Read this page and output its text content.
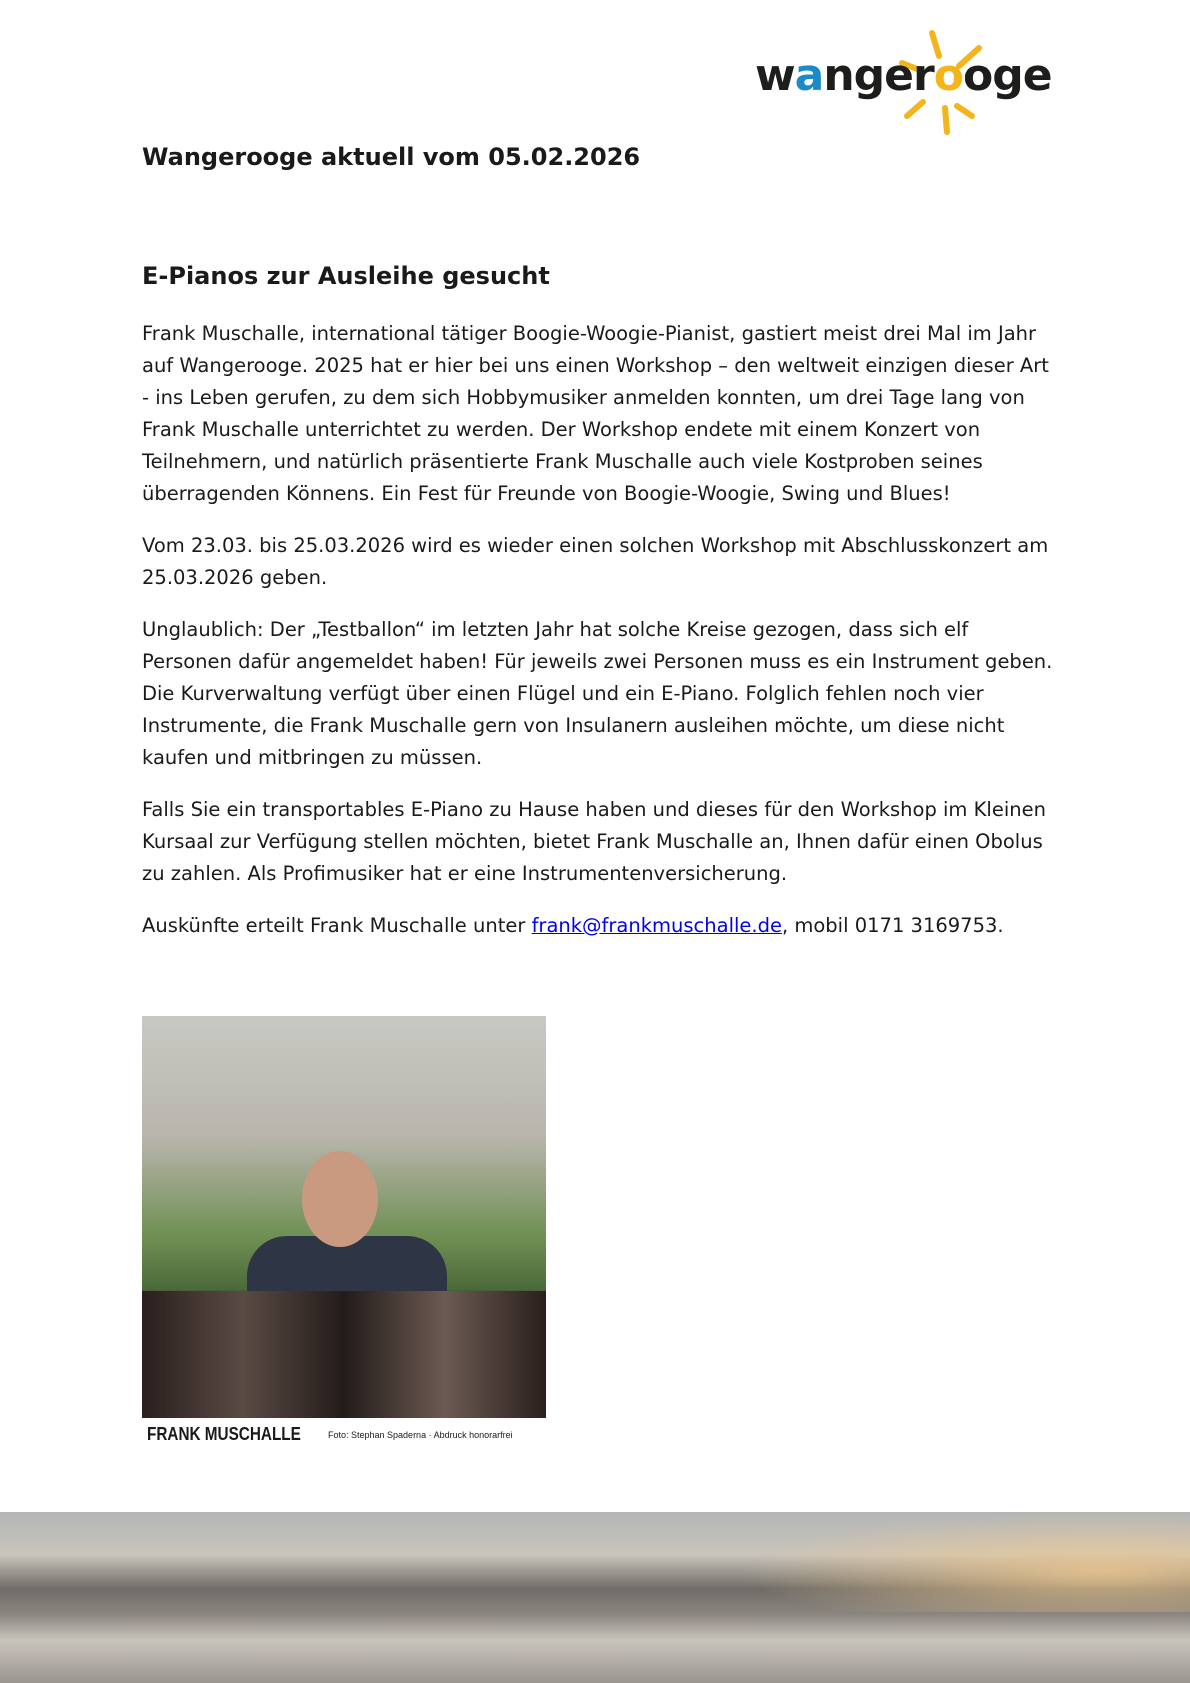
wangerooge
Wangerooge aktuell vom 05.02.2026
E-Pianos zur Ausleihe gesucht

Frank Muschalle, international tätiger Boogie-Woogie-Pianist, gastiert meist drei Mal im Jahr auf Wangerooge. 2025 hat er hier bei uns einen Workshop – den weltweit einzigen dieser Art - ins Leben gerufen, zu dem sich Hobbymusiker anmelden konnten, um drei Tage lang von Frank Muschalle unterrichtet zu werden. Der Workshop endete mit einem Konzert von Teilnehmern, und natürlich präsentierte Frank Muschalle auch viele Kostproben seines überragenden Könnens. Ein Fest für Freunde von Boogie-Woogie, Swing und Blues!

Vom 23.03. bis 25.03.2026 wird es wieder einen solchen Workshop mit Abschlusskonzert am 25.03.2026 geben.

Unglaublich: Der „Testballon“ im letzten Jahr hat solche Kreise gezogen, dass sich elf Personen dafür angemeldet haben! Für jeweils zwei Personen muss es ein Instrument geben. Die Kurverwaltung verfügt über einen Flügel und ein E-Piano. Folglich fehlen noch vier Instrumente, die Frank Muschalle gern von Insulanern ausleihen möchte, um diese nicht kaufen und mitbringen zu müssen.

Falls Sie ein transportables E-Piano zu Hause haben und dieses für den Workshop im Kleinen Kursaal zur Verfügung stellen möchten, bietet Frank Muschalle an, Ihnen dafür einen Obolus zu zahlen. Als Profimusiker hat er eine Instrumentenversicherung.

Auskünfte erteilt Frank Muschalle unter frank@frankmuschalle.de, mobil 0171 3169753.

FRANK MUSCHALLE	Foto: Stephan Spaderna · Abdruck honorarfrei
